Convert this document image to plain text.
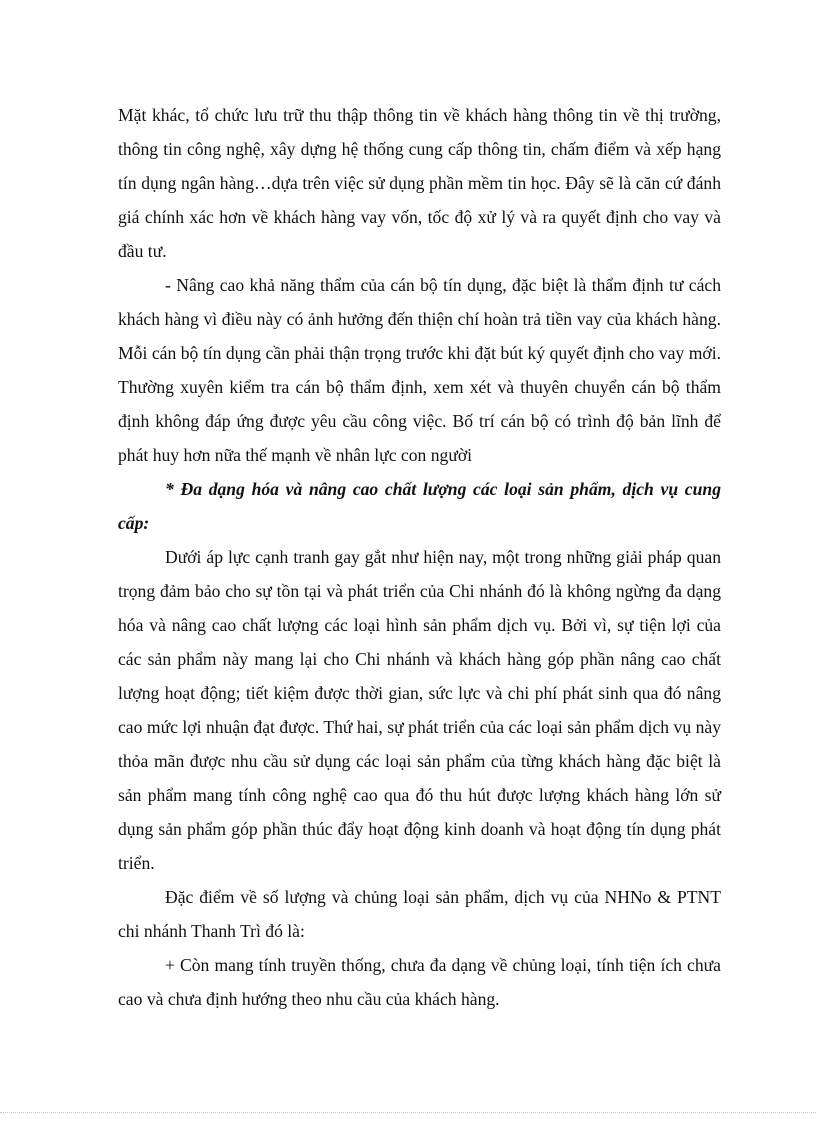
Mặt khác, tổ chức lưu trữ thu thập thông tin về khách hàng thông tin về thị trường, thông tin công nghệ, xây dựng hệ thống cung cấp thông tin, chấm điểm và xếp hạng tín dụng ngân hàng…dựa trên việc sử dụng phần mềm tin học. Đây sẽ là căn cứ đánh giá chính xác hơn về khách hàng vay vốn, tốc độ xử lý và ra quyết định cho vay và đầu tư.

- Nâng cao khả năng thẩm của cán bộ tín dụng, đặc biệt là thẩm định tư cách khách hàng vì điều này có ảnh hưởng đến thiện chí hoàn trả tiền vay của khách hàng. Mỗi cán bộ tín dụng cần phải thận trọng trước khi đặt bút ký quyết định cho vay mới. Thường xuyên kiểm tra cán bộ thẩm định, xem xét và thuyên chuyển cán bộ thẩm định không đáp ứng được yêu cầu công việc. Bố trí cán bộ có trình độ bản lĩnh để phát huy hơn nữa thế mạnh về nhân lực con người

* Đa dạng hóa và nâng cao chất lượng các loại sản phẩm, dịch vụ cung cấp:

Dưới áp lực cạnh tranh gay gắt như hiện nay, một trong những giải pháp quan trọng đảm bảo cho sự tồn tại và phát triển của Chi nhánh đó là không ngừng đa dạng hóa và nâng cao chất lượng các loại hình sản phẩm dịch vụ. Bởi vì, sự tiện lợi của các sản phẩm này mang lại cho Chi nhánh và khách hàng góp phần nâng cao chất lượng hoạt động; tiết kiệm được thời gian, sức lực và chi phí phát sinh qua đó nâng cao mức lợi nhuận đạt được. Thứ hai, sự phát triển của các loại sản phẩm dịch vụ này thỏa mãn được nhu cầu sử dụng các loại sản phẩm của từng khách hàng đặc biệt là sản phẩm mang tính công nghệ cao qua đó thu hút được lượng khách hàng lớn sử dụng sản phẩm góp phần thúc đẩy hoạt động kinh doanh và hoạt động tín dụng phát triển.

Đặc điểm về số lượng và chủng loại sản phẩm, dịch vụ của NHNo & PTNT chi nhánh Thanh Trì đó là:

+ Còn mang tính truyền thống, chưa đa dạng về chủng loại, tính tiện ích chưa cao và chưa định hướng theo nhu cầu của khách hàng.
